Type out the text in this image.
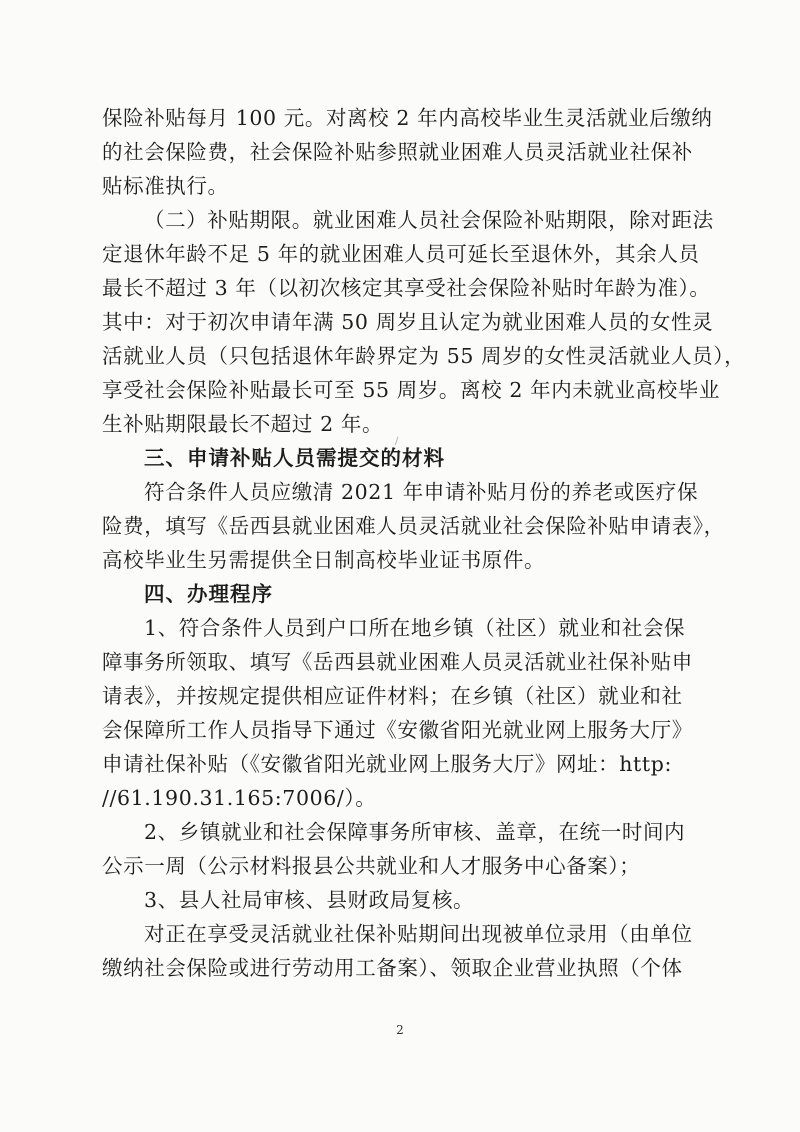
保险补贴每月 100 元。对离校 2 年内高校毕业生灵活就业后缴纳
的社会保险费，社会保险补贴参照就业困难人员灵活就业社保补
贴标准执行。
（二）补贴期限。就业困难人员社会保险补贴期限，除对距法
定退休年龄不足 5 年的就业困难人员可延长至退休外，其余人员
最长不超过 3 年（以初次核定其享受社会保险补贴时年龄为准）。
其中：对于初次申请年满 50 周岁且认定为就业困难人员的女性灵
活就业人员（只包括退休年龄界定为 55 周岁的女性灵活就业人员），
享受社会保险补贴最长可至 55 周岁。离校 2 年内未就业高校毕业
生补贴期限最长不超过 2 年。
三、申请补贴人员需提交的材料
符合条件人员应缴清 2021 年申请补贴月份的养老或医疗保
险费，填写《岳西县就业困难人员灵活就业社会保险补贴申请表》，
高校毕业生另需提供全日制高校毕业证书原件。
四、办理程序
1、符合条件人员到户口所在地乡镇（社区）就业和社会保
障事务所领取、填写《岳西县就业困难人员灵活就业社保补贴申
请表》，并按规定提供相应证件材料；在乡镇（社区）就业和社
会保障所工作人员指导下通过《安徽省阳光就业网上服务大厅》
申请社保补贴（《安徽省阳光就业网上服务大厅》网址：http:
//61.190.31.165:7006/）。
2、乡镇就业和社会保障事务所审核、盖章，在统一时间内
公示一周（公示材料报县公共就业和人才服务中心备案）；
3、县人社局审核、县财政局复核。
对正在享受灵活就业社保补贴期间出现被单位录用（由单位
缴纳社会保险或进行劳动用工备案）、领取企业营业执照（个体
2
